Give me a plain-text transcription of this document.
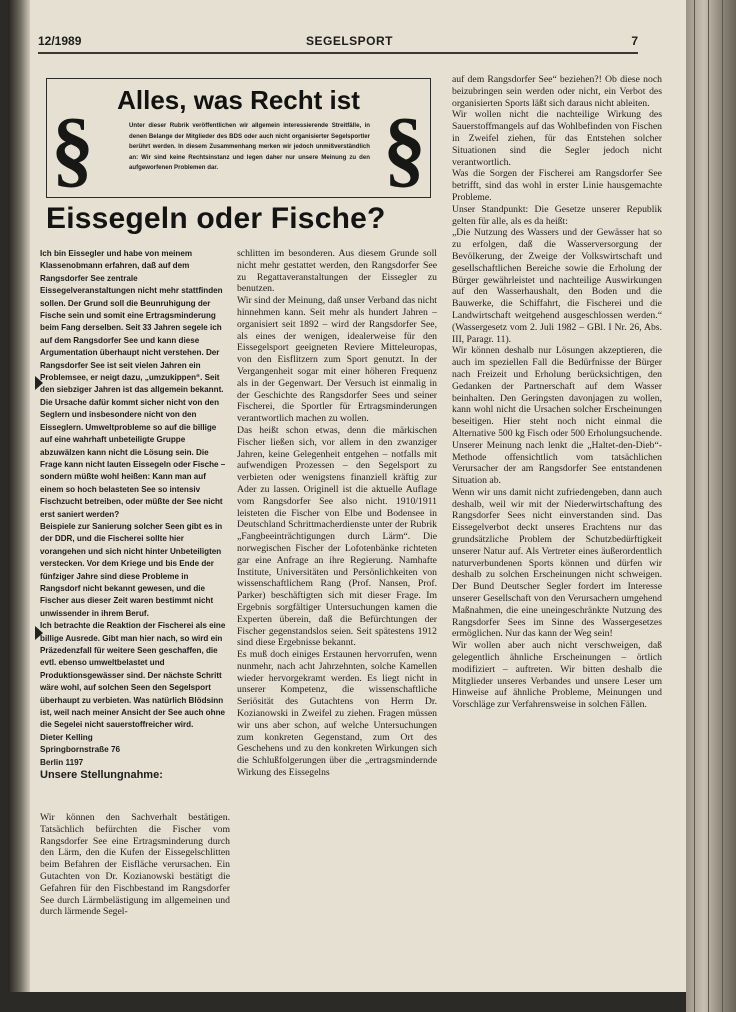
12/1989	SEGELSPORT	7
Alles, was Recht ist
§	Unter dieser Rubrik veröffentlichen wir allgemein interessierende Streitfälle, in denen Belange der Mitglieder des BDS oder auch nicht organisierter Segelsportler berührt werden. In diesem Zusammenhang merken wir jedoch unmißverständlich an: Wir sind keine Rechtsinstanz und legen daher nur unsere Meinung zu den aufgeworfenen Problemen dar.	§
Eissegeln oder Fische?

Ich bin Eissegler und habe von meinem Klassenobmann erfahren, daß auf dem Rangsdorfer See zentrale Eissegelveranstaltungen nicht mehr stattfinden sollen. Der Grund soll die Beunruhigung der Fische sein und somit eine Ertragsminderung beim Fang derselben. Seit 33 Jahren segele ich auf dem Rangsdorfer See und kann diese Argumentation überhaupt nicht verstehen. Der Rangsdorfer See ist seit vielen Jahren ein Problemsee, er neigt dazu, „umzukippen“. Seit den siebziger Jahren ist das allgemein bekannt. Die Ursache dafür kommt sicher nicht von den Seglern und insbesondere nicht von den Eisseglern. Umweltprobleme so auf die billige auf eine wahrhaft unbeteiligte Gruppe abzuwälzen kann nicht die Lösung sein. Die Frage kann nicht lauten Eissegeln oder Fische – sondern müßte wohl heißen: Kann man auf einem so hoch belasteten See so intensiv Fischzucht betreiben, oder müßte der See nicht erst saniert werden?

Beispiele zur Sanierung solcher Seen gibt es in der DDR, und die Fischerei sollte hier vorangehen und sich nicht hinter Unbeteiligten verstecken. Vor dem Kriege und bis Ende der fünfziger Jahre sind diese Probleme in Rangsdorf nicht bekannt gewesen, und die Fischer aus dieser Zeit waren bestimmt nicht unwissender in ihrem Beruf.

Ich betrachte die Reaktion der Fischerei als eine billige Ausrede. Gibt man hier nach, so wird ein Präzedenzfall für weitere Seen geschaffen, die evtl. ebenso umweltbelastet und Produktionsgewässer sind. Der nächste Schritt wäre wohl, auf solchen Seen den Segelsport überhaupt zu verbieten. Was natürlich Blödsinn ist, weil nach meiner Ansicht der See auch ohne die Segelei nicht sauerstoffreicher wird.

Dieter Kelling
Springbornstraße 76
Berlin 1197

Unsere Stellungnahme:

Wir können den Sachverhalt bestätigen. Tatsächlich befürchten die Fischer vom Rangsdorfer See eine Ertragsminderung durch den Lärm, den die Kufen der Eissegelschlitten beim Befahren der Eisfläche verursachen. Ein Gutachten von Dr. Kozianowski bestätigt die Gefahren für den Fischbestand im Rangsdorfer See durch Lärmbelästigung im allgemeinen und durch lärmende Segel-

schlitten im besonderen. Aus diesem Grunde soll nicht mehr gestattet werden, den Rangsdorfer See zu Regattaveranstaltungen der Eissegler zu benutzen.

Wir sind der Meinung, daß unser Verband das nicht hinnehmen kann. Seit mehr als hundert Jahren – organisiert seit 1892 – wird der Rangsdorfer See, als eines der wenigen, idealerweise für den Eissegelsport geeigneten Reviere Mitteleuropas, von den Eisflitzern zum Sport genutzt. In der Vergangenheit sogar mit einer höheren Frequenz als in der Gegenwart. Der Versuch ist einmalig in der Geschichte des Rangsdorfer Sees und seiner Fischerei, die Sportler für Ertragsminderungen verantwortlich machen zu wollen.

Das heißt schon etwas, denn die märkischen Fischer ließen sich, vor allem in den zwanziger Jahren, keine Gelegenheit entgehen – notfalls mit aufwendigen Prozessen – den Segelsport zu verbieten oder wenigstens finanziell kräftig zur Ader zu lassen. Originell ist die aktuelle Auflage vom Rangsdorfer See also nicht. 1910/1911 leisteten die Fischer von Elbe und Bodensee in Deutschland Schrittmacherdienste unter der Rubrik „Fangbeeinträchtigungen durch Lärm“. Die norwegischen Fischer der Lofotenbänke richteten gar eine Anfrage an ihre Regierung. Namhafte Institute, Universitäten und Persönlichkeiten von wissenschaftlichem Rang (Prof. Nansen, Prof. Parker) beschäftigten sich mit dieser Frage. Im Ergebnis sorgfältiger Untersuchungen kamen die Experten überein, daß die Befürchtungen der Fischer gegenstandslos seien. Seit spätestens 1912 sind diese Ergebnisse bekannt.

Es muß doch einiges Erstaunen hervorrufen, wenn nunmehr, nach acht Jahrzehnten, solche Kamellen wieder hervorgekramt werden. Es liegt nicht in unserer Kompetenz, die wissenschaftliche Seriösität des Gutachtens von Herrn Dr. Kozianowski in Zweifel zu ziehen. Fragen müssen wir uns aber schon, auf welche Untersuchungen zum konkreten Gegenstand, zum Ort des Geschehens und zu den konkreten Wirkungen sich die Schlußfolgerungen über die „ertragsmindernde Wirkung des Eissegelns

auf dem Rangsdorfer See“ beziehen?! Ob diese noch beizubringen sein werden oder nicht, ein Verbot des organisierten Sports läßt sich daraus nicht ableiten.

Wir wollen nicht die nachteilige Wirkung des Sauerstoffmangels auf das Wohlbefinden von Fischen in Zweifel ziehen, für das Entstehen solcher Situationen sind die Segler jedoch nicht verantwortlich.

Was die Sorgen der Fischerei am Rangsdorfer See betrifft, sind das wohl in erster Linie hausgemachte Probleme.

Unser Standpunkt: Die Gesetze unserer Republik gelten für alle, als es da heißt:

„Die Nutzung des Wassers und der Gewässer hat so zu erfolgen, daß die Wasserversorgung der Bevölkerung, der Zweige der Volkswirtschaft und gesellschaftlichen Bereiche sowie die Erholung der Bürger gewährleistet und nachteilige Auswirkungen auf den Wasserhaushalt, den Boden und die Bauwerke, die Schiffahrt, die Fischerei und die Landwirtschaft weitgehend ausgeschlossen werden.“ (Wassergesetz vom 2. Juli 1982 – GBl. I Nr. 26, Abs. III, Paragr. 11).

Wir können deshalb nur Lösungen akzeptieren, die auch im speziellen Fall die Bedürfnisse der Bürger nach Freizeit und Erholung berücksichtigen, den Gedanken der Partnerschaft auf dem Wasser beinhalten. Den Geringsten davonjagen zu wollen, kann wohl nicht die Ursachen solcher Erscheinungen beseitigen. Hier steht noch nicht einmal die Alternative 500 kg Fisch oder 500 Erholungsuchende. Unserer Meinung nach lenkt die „Haltet-den-Dieb“-Methode offensichtlich vom tatsächlichen Verursacher der am Rangsdorfer See entstandenen Situation ab.

Wenn wir uns damit nicht zufriedengeben, dann auch deshalb, weil wir mit der Niederwirtschaftung des Rangsdorfer Sees nicht einverstanden sind. Das Eissegelverbot deckt unseres Erachtens nur das grundsätzliche Problem der Schutzbedürftigkeit unserer Natur auf. Als Vertreter eines äußerordentlich naturverbundenen Sports können und dürfen wir deshalb zu solchen Erscheinungen nicht schweigen. Der Bund Deutscher Segler fordert im Interesse unserer Gesellschaft von den Verursachern umgehend Maßnahmen, die eine uneingeschränkte Nutzung des Rangsdorfer Sees im Sinne des Wassergesetzes ermöglichen. Nur das kann der Weg sein!

Wir wollen aber auch nicht verschweigen, daß gelegentlich ähnliche Erscheinungen – örtlich modifiziert – auftreten. Wir bitten deshalb die Mitglieder unseres Verbandes und unsere Leser um Hinweise auf ähnliche Probleme, Meinungen und Vorschläge zur Verfahrensweise in solchen Fällen.
